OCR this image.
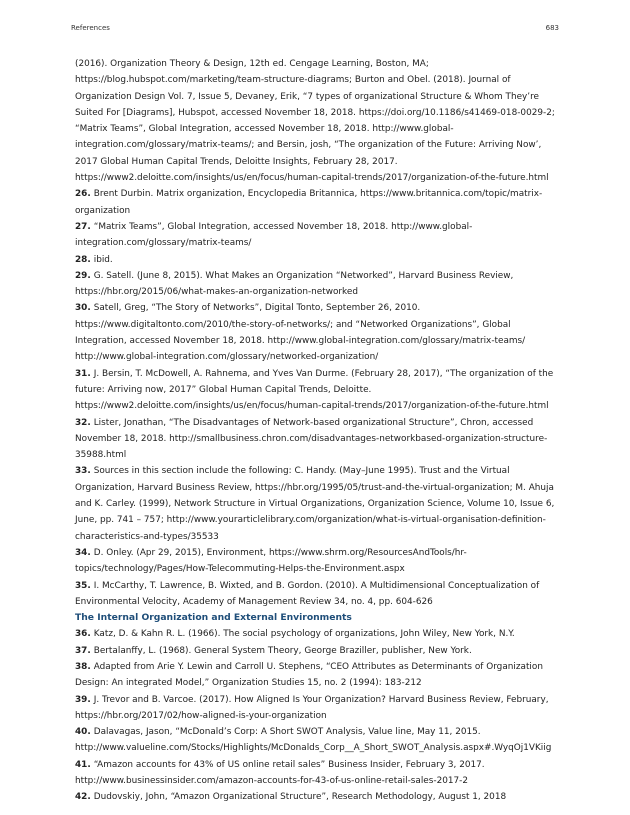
References	683

(2016). Organization Theory & Design, 12th ed. Cengage Learning, Boston, MA; https://blog.hubspot.com/marketing/team-structure-diagrams; Burton and Obel. (2018). Journal of Organization Design Vol. 7, Issue 5, Devaney, Erik, “7 types of organizational Structure & Whom They’re Suited For [Diagrams], Hubspot, accessed November 18, 2018. https://doi.org/10.1186/s41469-018-0029-2; “Matrix Teams”, Global Integration, accessed November 18, 2018. http://www.global-integration.com/glossary/matrix-teams/; and Bersin, josh, “The organization of the Future: Arriving Now’, 2017 Global Human Capital Trends, Deloitte Insights, February 28, 2017. https://www2.deloitte.com/insights/us/en/focus/human-capital-trends/2017/organization-of-the-future.html

26. Brent Durbin. Matrix organization, Encyclopedia Britannica, https://www.britannica.com/topic/matrix-organization

27. “Matrix Teams”, Global Integration, accessed November 18, 2018. http://www.global-integration.com/glossary/matrix-teams/

28. ibid.

29. G. Satell. (June 8, 2015). What Makes an Organization “Networked”, Harvard Business Review, https://hbr.org/2015/06/what-makes-an-organization-networked

30. Satell, Greg, “The Story of Networks”, Digital Tonto, September 26, 2010. https://www.digitaltonto.com/2010/the-story-of-networks/; and “Networked Organizations”, Global Integration, accessed November 18, 2018. http://www.global-integration.com/glossary/matrix-teams/ http://www.global-integration.com/glossary/networked-organization/

31. J. Bersin, T. McDowell, A. Rahnema, and Yves Van Durme. (February 28, 2017), “The organization of the future: Arriving now, 2017” Global Human Capital Trends, Deloitte. https://www2.deloitte.com/insights/us/en/focus/human-capital-trends/2017/organization-of-the-future.html

32. Lister, Jonathan, “The Disadvantages of Network-based organizational Structure”, Chron, accessed November 18, 2018. http://smallbusiness.chron.com/disadvantages-networkbased-organization-structure-35988.html

33. Sources in this section include the following: C. Handy. (May–June 1995). Trust and the Virtual Organization, Harvard Business Review, https://hbr.org/1995/05/trust-and-the-virtual-organization; M. Ahuja and K. Carley. (1999), Network Structure in Virtual Organizations, Organization Science, Volume 10, Issue 6, June, pp. 741 – 757; http://www.yourarticlelibrary.com/organization/what-is-virtual-organisation-definition-characteristics-and-types/35533

34. D. Onley. (Apr 29, 2015), Environment, https://www.shrm.org/ResourcesAndTools/hr-topics/technology/Pages/How-Telecommuting-Helps-the-Environment.aspx

35. I. McCarthy, T. Lawrence, B. Wixted, and B. Gordon. (2010). A Multidimensional Conceptualization of Environmental Velocity, Academy of Management Review 34, no. 4, pp. 604-626

The Internal Organization and External Environments

36. Katz, D. & Kahn R. L. (1966). The social psychology of organizations, John Wiley, New York, N.Y.

37. Bertalanffy, L. (1968). General System Theory, George Braziller, publisher, New York.

38. Adapted from Arie Y. Lewin and Carroll U. Stephens, “CEO Attributes as Determinants of Organization Design: An integrated Model,” Organization Studies 15, no. 2 (1994): 183-212

39. J. Trevor and B. Varcoe. (2017). How Aligned Is Your Organization? Harvard Business Review, February, https://hbr.org/2017/02/how-aligned-is-your-organization

40. Dalavagas, Jason, “McDonald’s Corp: A Short SWOT Analysis, Value line, May 11, 2015. http://www.valueline.com/Stocks/Highlights/McDonalds_Corp__A_Short_SWOT_Analysis.aspx#.WyqOj1VKiig

41. “Amazon accounts for 43% of US online retail sales” Business Insider, February 3, 2017. http://www.businessinsider.com/amazon-accounts-for-43-of-us-online-retail-sales-2017-2

42. Dudovskiy, John, “Amazon Organizational Structure”, Research Methodology, August 1, 2018
